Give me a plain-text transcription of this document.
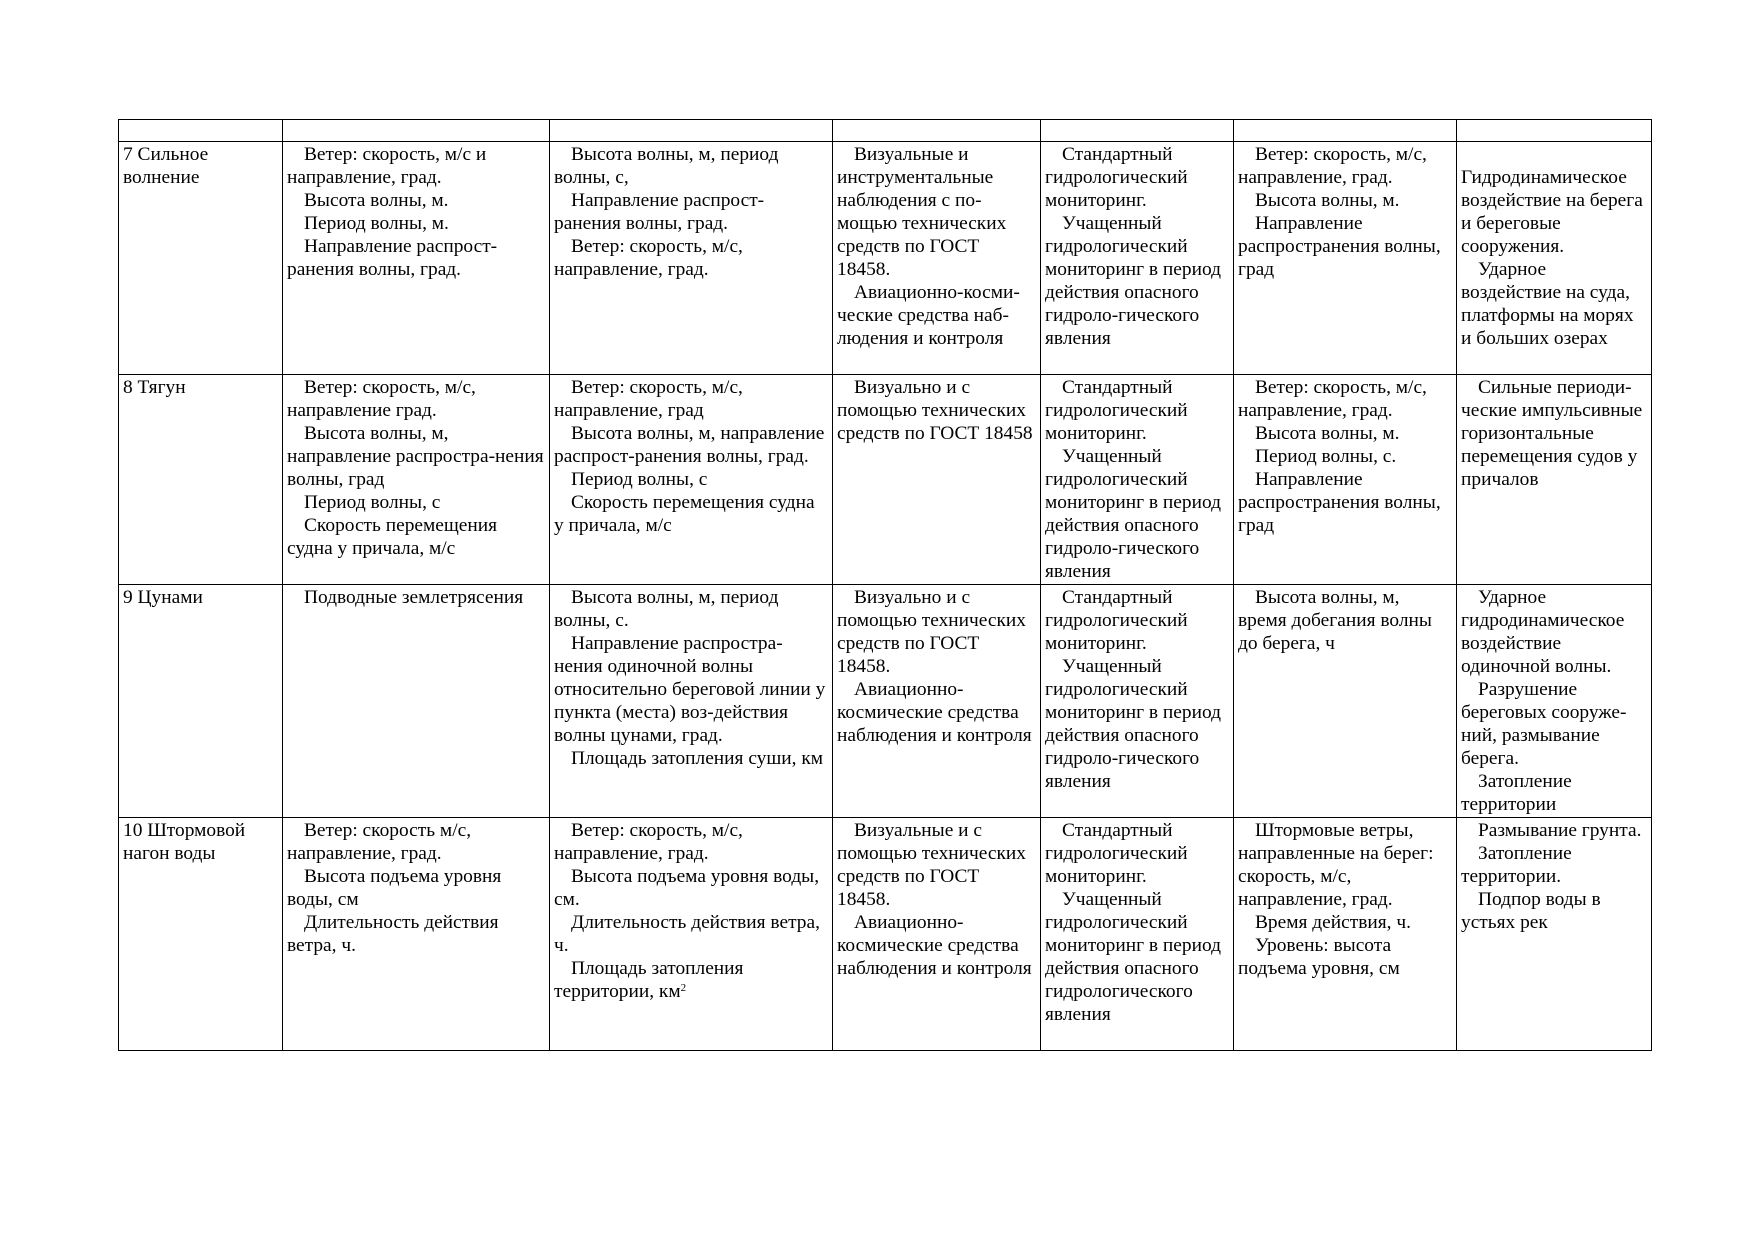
7 Сильное волнение	Ветер: скорость, м/с и направление, град.
Высота волны, м.
Период волны, м.
Направление распрост-ранения волны, град.	Высота волны, м, период волны, с,
Направление распрост-ранения волны, град.
Ветер: скорость, м/с, направление, град.	Визуальные и инструментальные наблюдения с по-мощью технических средств по ГОСТ 18458.
Авиационно-косми-ческие средства наб-людения и контроля	Стандартный гидрологический мониторинг.
Учащенный гидрологический мониторинг в период действия опасного гидроло-гического явления	Ветер: скорость, м/с, направление, град.
Высота волны, м.
Направление распространения волны, град	Гидродинамическое воздействие на берега и береговые сооружения.
Ударное воздействие на суда, платформы на морях и больших озерах

8 Тягун	Ветер: скорость, м/с, направление град.
Высота волны, м, направление распростра-нения волны, град
Период волны, с
Скорость перемещения судна у причала, м/с	Ветер: скорость, м/с, направление, град
Высота волны, м, направление распрост-ранения волны, град.
Период волны, с
Скорость перемещения судна у причала, м/с	Визуально и с помощью технических средств по ГОСТ 18458	Стандартный гидрологический мониторинг.
Учащенный гидрологический мониторинг в период действия опасного гидроло-гического явления	Ветер: скорость, м/с, направление, град.
Высота волны, м.
Период волны, с.
Направление распространения волны, град	Сильные периоди-ческие импульсивные горизонтальные перемещения судов у причалов

9 Цунами	Подводные землетрясения	Высота волны, м, период волны, с.
Направление распростра-нения одиночной волны относительно береговой линии у пункта (места) воз-действия волны цунами, град.
Площадь затопления суши, км	Визуально и с помощью технических средств по ГОСТ 18458.
Авиационно-космические средства наблюдения и контроля	Стандартный гидрологический мониторинг.
Учащенный гидрологический мониторинг в период действия опасного гидроло-гического явления	Высота волны, м, время добегания волны до берега, ч	Ударное гидродинамическое воздействие одиночной волны.
Разрушение береговых сооруже-ний, размывание берега.
Затопление территории

10 Штормовой нагон воды	Ветер: скорость м/с, направление, град.
Высота подъема уровня воды, см
Длительность действия ветра, ч.	Ветер: скорость, м/с, направление, град.
Высота подъема уровня воды, см.
Длительность действия ветра, ч.
Площадь затопления территории, $км^2$	Визуальные и с помощью технических средств по ГОСТ 18458.
Авиационно-космические средства наблюдения и контроля	Стандартный гидрологический мониторинг.
Учащенный гидрологический мониторинг в период действия опасного гидрологического явления	Штормовые ветры, направленные на берег: скорость, м/с, направление, град.
Время действия, ч.
Уровень: высота подъема уровня, см	Размывание грунта.
Затопление территории.
Подпор воды в устьях рек
